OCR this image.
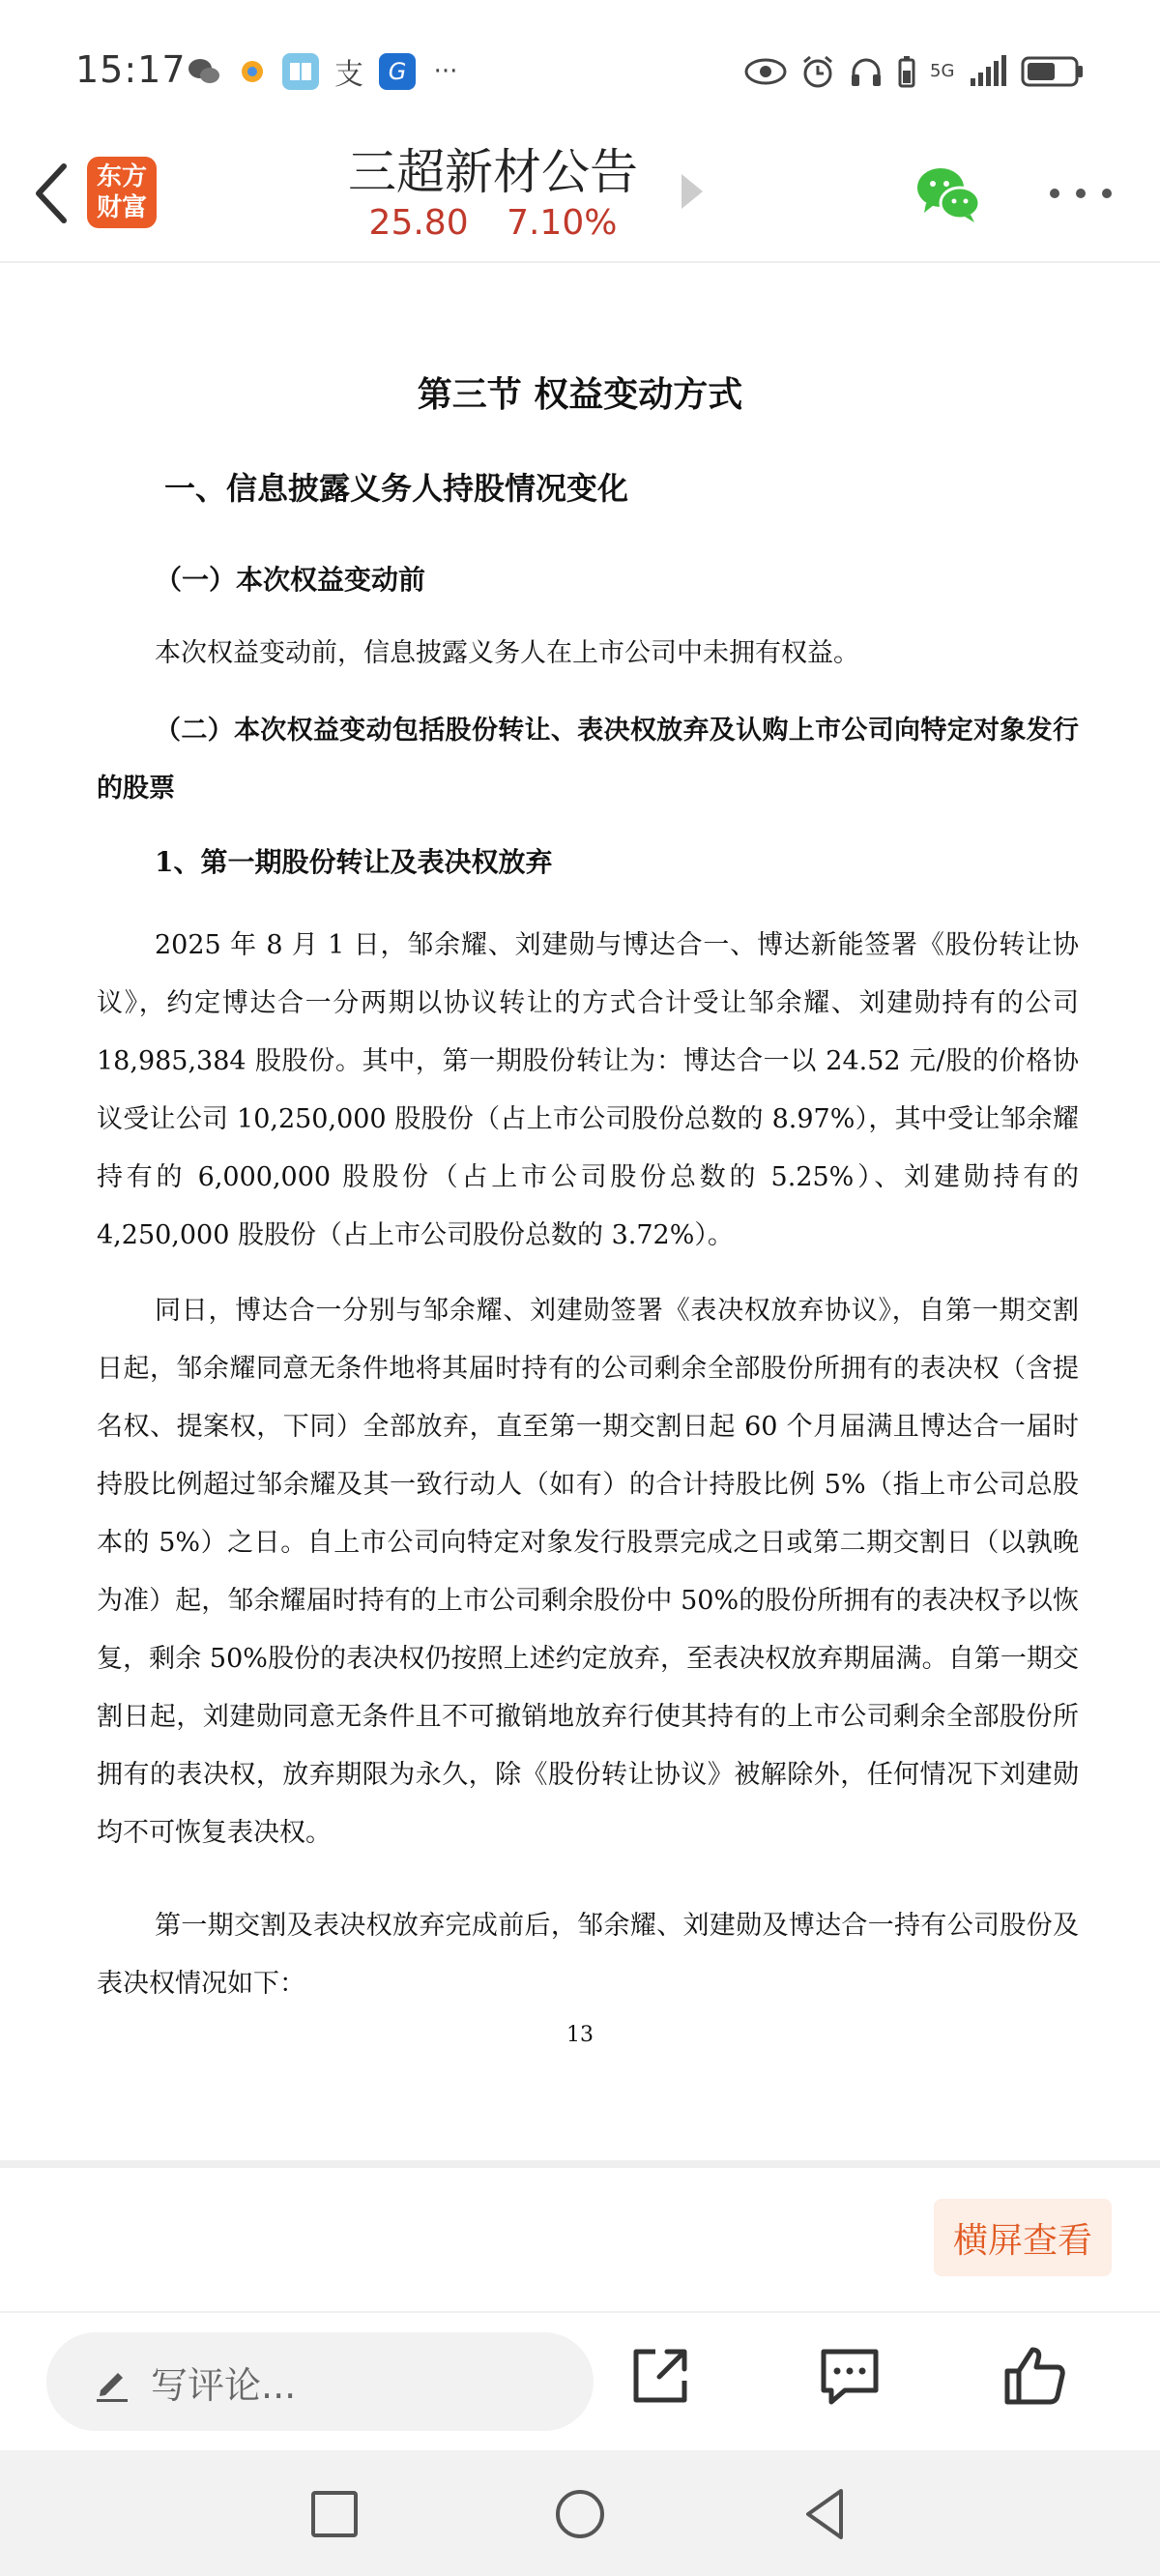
15:17	支	G	···	5G
东方
财富
三超新材公告
25.80 7.10%
第三节 权益变动方式
一、信息披露义务人持股情况变化
（一）本次权益变动前
本次权益变动前，信息披露义务人在上市公司中未拥有权益。
（二）本次权益变动包括股份转让、表决权放弃及认购上市公司向特定对象发行的股票
1、第一期股份转让及表决权放弃
2025 年 8 月 1 日，邹余耀、刘建勋与博达合一、博达新能签署《股份转让协议》，约定博达合一分两期以协议转让的方式合计受让邹余耀、刘建勋持有的公司 18,985,384 股股份。其中，第一期股份转让为：博达合一以 24.52 元/股的价格协议受让公司 10,250,000 股股份（占上市公司股份总数的 8.97%），其中受让邹余耀持有的 6,000,000 股股份（占上市公司股份总数的 5.25%）、刘建勋持有的 4,250,000 股股份（占上市公司股份总数的 3.72%）。
同日，博达合一分别与邹余耀、刘建勋签署《表决权放弃协议》，自第一期交割日起，邹余耀同意无条件地将其届时持有的公司剩余全部股份所拥有的表决权（含提名权、提案权，下同）全部放弃，直至第一期交割日起 60 个月届满且博达合一届时持股比例超过邹余耀及其一致行动人（如有）的合计持股比例 5%（指上市公司总股本的 5%）之日。自上市公司向特定对象发行股票完成之日或第二期交割日（以孰晚为准）起，邹余耀届时持有的上市公司剩余股份中 50%的股份所拥有的表决权予以恢复，剩余 50%股份的表决权仍按照上述约定放弃，至表决权放弃期届满。自第一期交割日起，刘建勋同意无条件且不可撤销地放弃行使其持有的上市公司剩余全部股份所拥有的表决权，放弃期限为永久，除《股份转让协议》被解除外，任何情况下刘建勋均不可恢复表决权。
第一期交割及表决权放弃完成前后，邹余耀、刘建勋及博达合一持有公司股份及表决权情况如下：
13
横屏查看
写评论...
